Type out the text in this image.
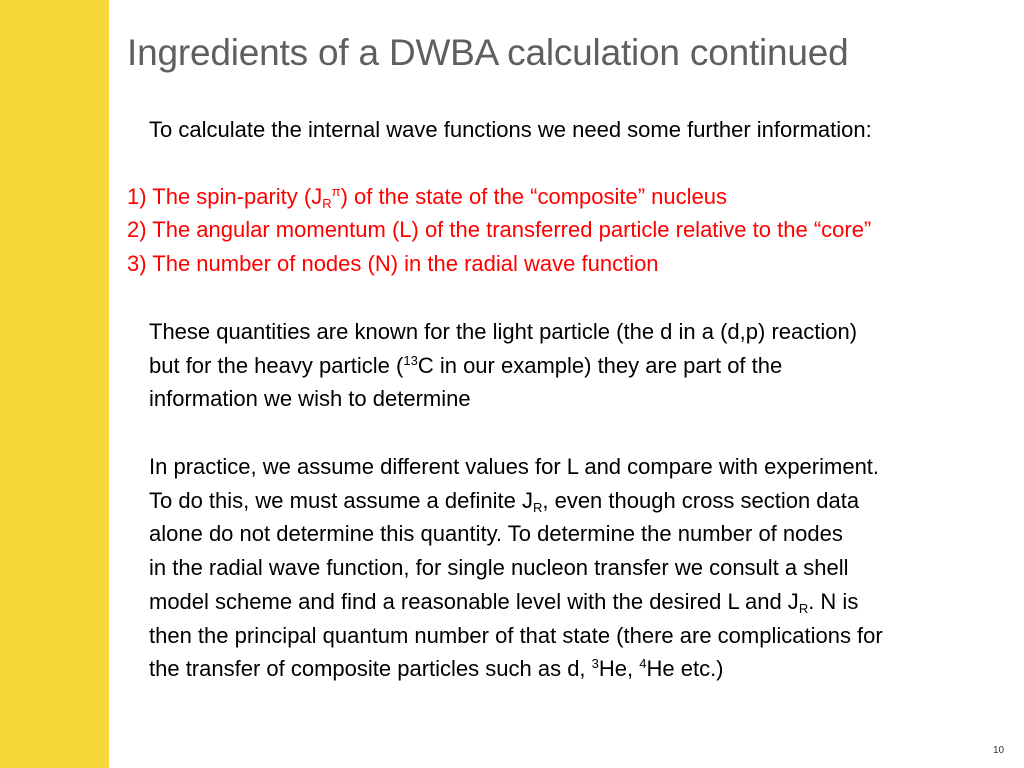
Ingredients of a DWBA calculation continued
To calculate the internal wave functions we need some further information:
1) The spin-parity $(J_R^\pi)$ of the state of the “composite” nucleus
2) The angular momentum (L) of the transferred particle relative to the “core”
3) The number of nodes (N) in the radial wave function
These quantities are known for the light particle (the d in a (d,p) reaction)
but for the heavy particle ($^{13}$C in our example) they are part of the
information we wish to determine
In practice, we assume different values for L and compare with experiment.
To do this, we must assume a definite $J_R$, even though cross section data
alone do not determine this quantity. To determine the number of nodes
in the radial wave function, for single nucleon transfer we consult a shell
model scheme and find a reasonable level with the desired L and $J_R$. N is
then the principal quantum number of that state (there are complications for
the transfer of composite particles such as d, $^3$He, $^4$He etc.)
10
